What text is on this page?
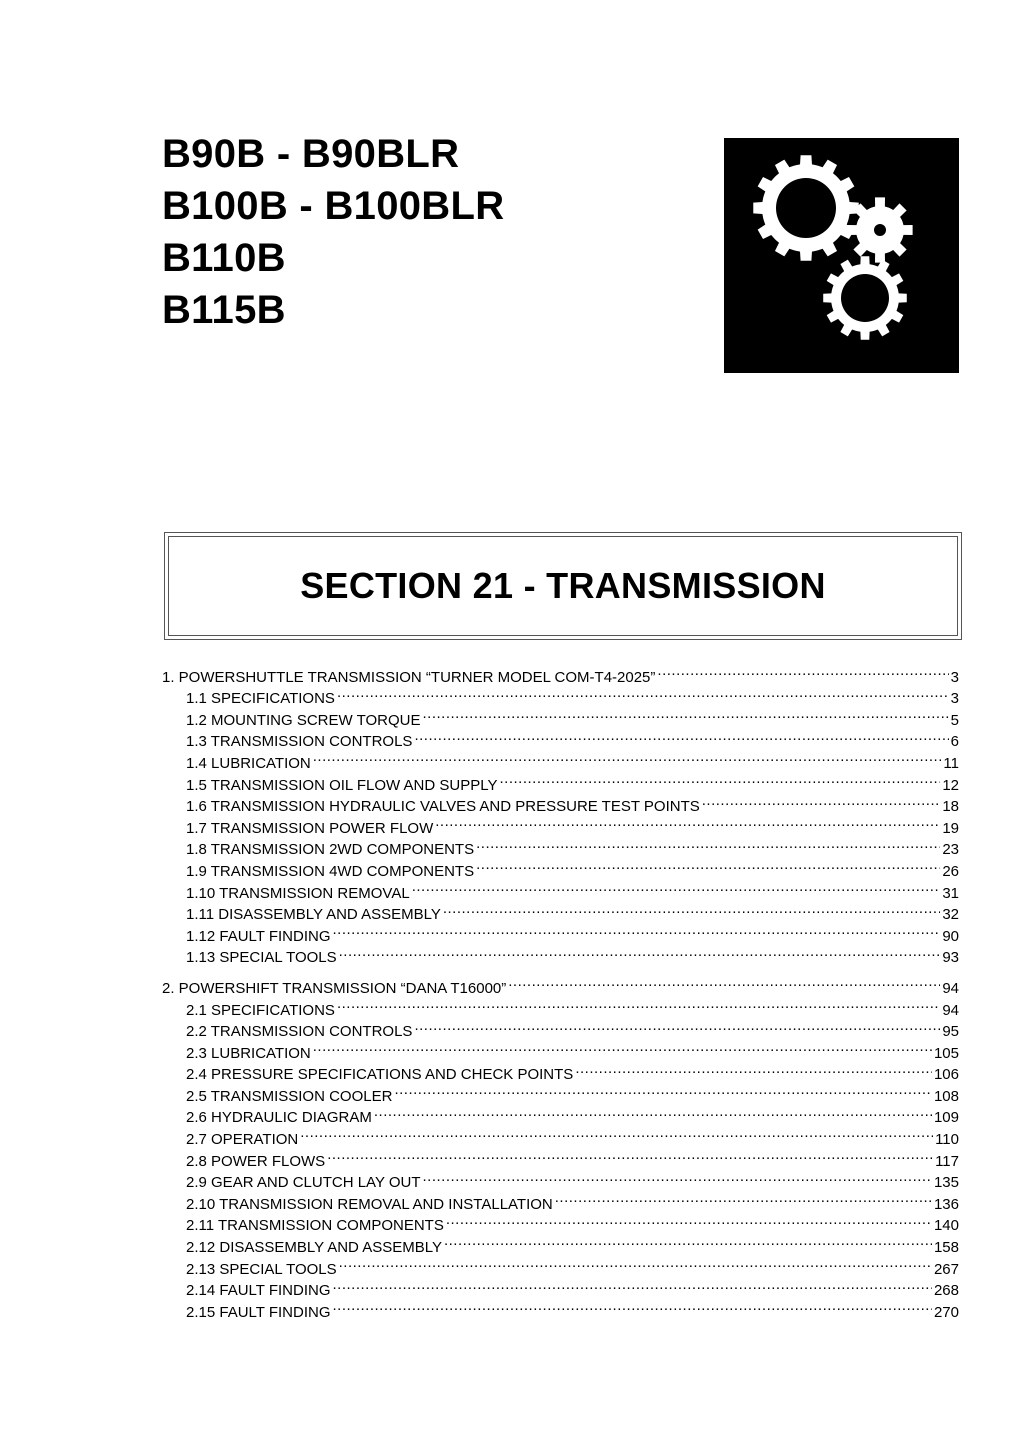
B90B - B90BLR
B100B - B100BLR
B110B
B115B
SECTION 21 - TRANSMISSION
1. POWERSHUTTLE TRANSMISSION “TURNER MODEL COM-T4-2025” .....	3
1.1 SPECIFICATIONS .....	3
1.2 MOUNTING SCREW TORQUE .....	5
1.3 TRANSMISSION CONTROLS .....	6
1.4 LUBRICATION .....	11
1.5 TRANSMISSION OIL FLOW AND SUPPLY .....	12
1.6 TRANSMISSION HYDRAULIC VALVES AND PRESSURE TEST POINTS .....	18
1.7 TRANSMISSION POWER FLOW .....	19
1.8 TRANSMISSION 2WD COMPONENTS .....	23
1.9 TRANSMISSION 4WD COMPONENTS .....	26
1.10 TRANSMISSION REMOVAL .....	31
1.11 DISASSEMBLY AND ASSEMBLY .....	32
1.12 FAULT FINDING .....	90
1.13 SPECIAL TOOLS .....	93
2. POWERSHIFT TRANSMISSION “DANA T16000” .....	94
2.1 SPECIFICATIONS .....	94
2.2 TRANSMISSION CONTROLS .....	95
2.3 LUBRICATION .....	105
2.4 PRESSURE SPECIFICATIONS AND CHECK POINTS .....	106
2.5 TRANSMISSION COOLER .....	108
2.6 HYDRAULIC DIAGRAM .....	109
2.7 OPERATION .....	110
2.8 POWER FLOWS .....	117
2.9 GEAR AND CLUTCH LAY OUT .....	135
2.10 TRANSMISSION REMOVAL AND INSTALLATION .....	136
2.11 TRANSMISSION COMPONENTS .....	140
2.12 DISASSEMBLY AND ASSEMBLY .....	158
2.13 SPECIAL TOOLS .....	267
2.14 FAULT FINDING .....	268
2.15 FAULT FINDING .....	270
